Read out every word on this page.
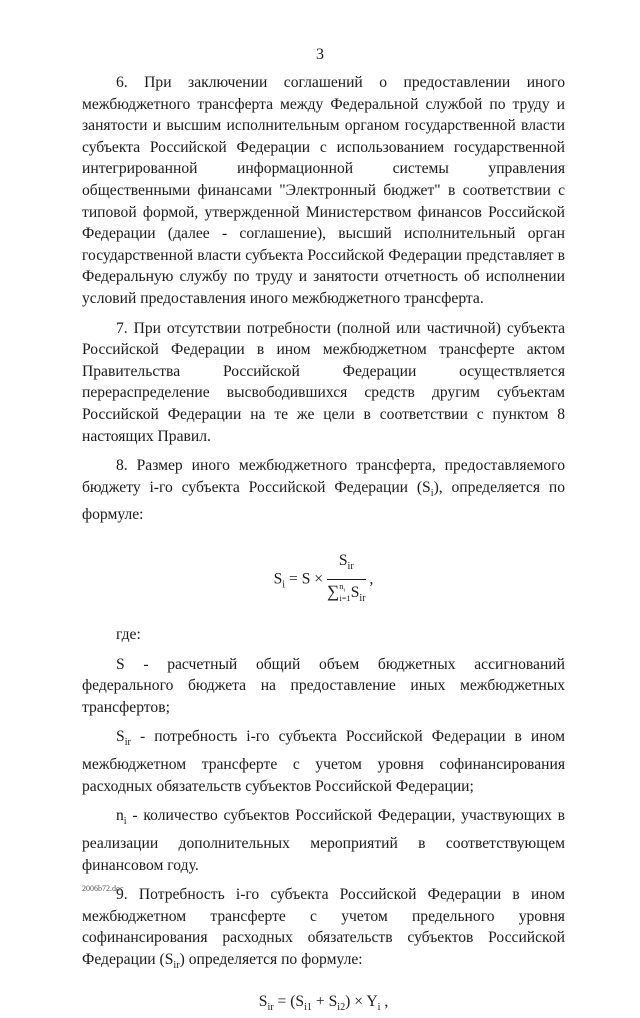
3

6. При заключении соглашений о предоставлении иного межбюджетного трансферта между Федеральной службой по труду и занятости и высшим исполнительным органом государственной власти субъекта Российской Федерации с использованием государственной интегрированной информационной системы управления общественными финансами "Электронный бюджет" в соответствии с типовой формой, утвержденной Министерством финансов Российской Федерации (далее - соглашение), высший исполнительный орган государственной власти субъекта Российской Федерации представляет в Федеральную службу по труду и занятости отчетность об исполнении условий предоставления иного межбюджетного трансферта.

7. При отсутствии потребности (полной или частичной) субъекта Российской Федерации в ином межбюджетном трансферте актом Правительства Российской Федерации осуществляется перераспределение высвободившихся средств другим субъектам Российской Федерации на те же цели в соответствии с пунктом 8 настоящих Правил.

8. Размер иного межбюджетного трансферта, предоставляемого бюджету i-го субъекта Российской Федерации $(S_i)$, определяется по формуле:

$S_i = S$ ×
$S_{ir}$
$\sum n_i$
$i=1S_{ir}$
,

где:

S - расчетный общий объем бюджетных ассигнований федерального бюджета на предоставление иных межбюджетных трансфертов;

$S_{ir}$ - потребность i-го субъекта Российской Федерации в ином межбюджетном трансферте с учетом уровня софинансирования расходных обязательств субъектов Российской Федерации;

$n_i$ - количество субъектов Российской Федерации, участвующих в реализации дополнительных мероприятий в соответствующем финансовом году.

9. Потребность i-го субъекта Российской Федерации в ином межбюджетном трансферте с учетом предельного уровня софинансирования расходных обязательств субъектов Российской Федерации $(S_{ir})$ определяется по формуле:

$S_{ir} = (S_{i1} + S_{i2}) \times Y_i$ ,
2006b72.doc
